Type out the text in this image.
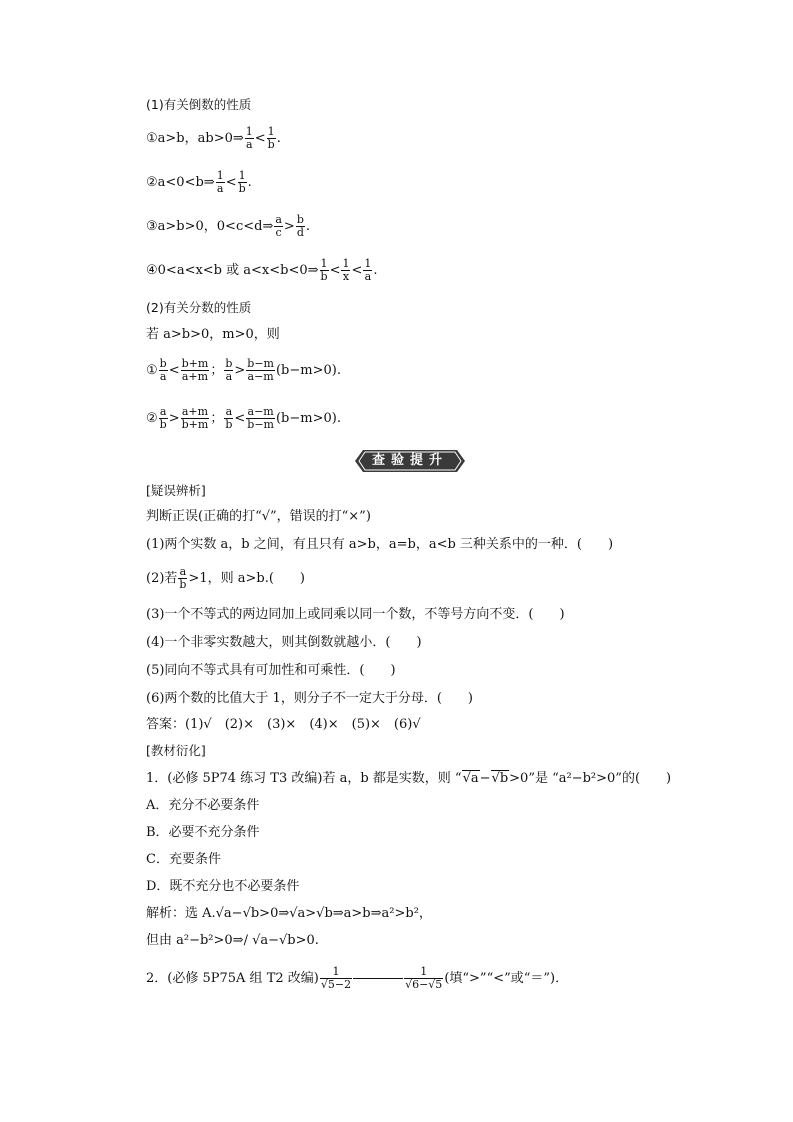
(1)有关倒数的性质
①a>b，ab>0⇒ $\frac{1}{a} < \frac{1}{b}$ .
②a<0<b⇒ $\frac{1}{a} < \frac{1}{b}$ .
③a>b>0，0<c<d⇒ $\frac{a}{c} > \frac{b}{d}$ .
④0<a<x<b 或 a<x<b<0⇒ $\frac{1}{b} < \frac{1}{x} < \frac{1}{a}$ .
(2)有关分数的性质
若 a>b>0，m>0，则
① $\frac{b}{a} < \frac{b+m}{a+m}$ ； $\frac{b}{a} > \frac{b-m}{a-m} (b-m>0)$.
② $\frac{a}{b} > \frac{a+m}{b+m}$ ； $\frac{a}{b} < \frac{a-m}{b-m} (b-m>0)$.
查验提升
[疑误辨析]
判断正误(正确的打“√”，错误的打“×”)
(1)两个实数 a，b 之间，有且只有 a>b，a=b，a<b 三种关系中的一种．(　　)
(2)若 $\frac{a}{b} >1$，则 a>b.(　　)
(3)一个不等式的两边同加上或同乘以同一个数，不等号方向不变．(　　)
(4)一个非零实数越大，则其倒数就越小．(　　)
(5)同向不等式具有可加性和可乘性．(　　)
(6)两个数的比值大于 1，则分子不一定大于分母．(　　)
答案：(1)√　(2)×　(3)×　(4)×　(5)×　(6)√
[教材衍化]
1．(必修 5P74 练习 T3 改编)若 a，b 都是实数，则 “ √ a− √ b>0”是 “a²−b²>0”的(　　)
A．充分不必要条件
B．必要不充分条件
C．充要条件
D．既不充分也不必要条件
解析：选 A.√a−√b>0⇒√a>√b⇒a>b⇒a²>b²，
但由 a²−b²>0⇒/ √a−√b>0.
2．(必修 5P75A 组 T2 改编) $\frac{1}{√5-2}$	$\frac{1}{√6-√5}$ (填“>”“<”或“＝”)．
